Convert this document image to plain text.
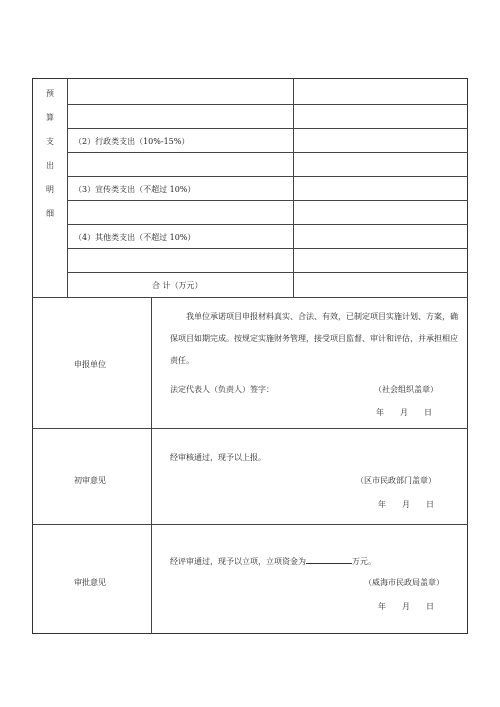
预
算
支
出
明
细
（2）行政类支出（10%-15%）
（3）宣传类支出（不超过 10%）
（4）其他类支出（不超过 10%）
合 计（万元）
申报单位
我单位承诺项目申报材料真实、合法、有效，已制定项目实施计划、方案，确
保项目如期完成。按规定实施财务管理，接受项目监督、审计和评估，并承担相应
责任。
法定代表人（负责人）签字：	（社会组织盖章）
年　　月　　日
初审意见
经审核通过，现予以上报。
（区市民政部门盖章）
年　　月　　日
审批意见
经评审通过，现予以立项，立项资金为	万元。
（威海市民政局盖章）
年　　月　　日
